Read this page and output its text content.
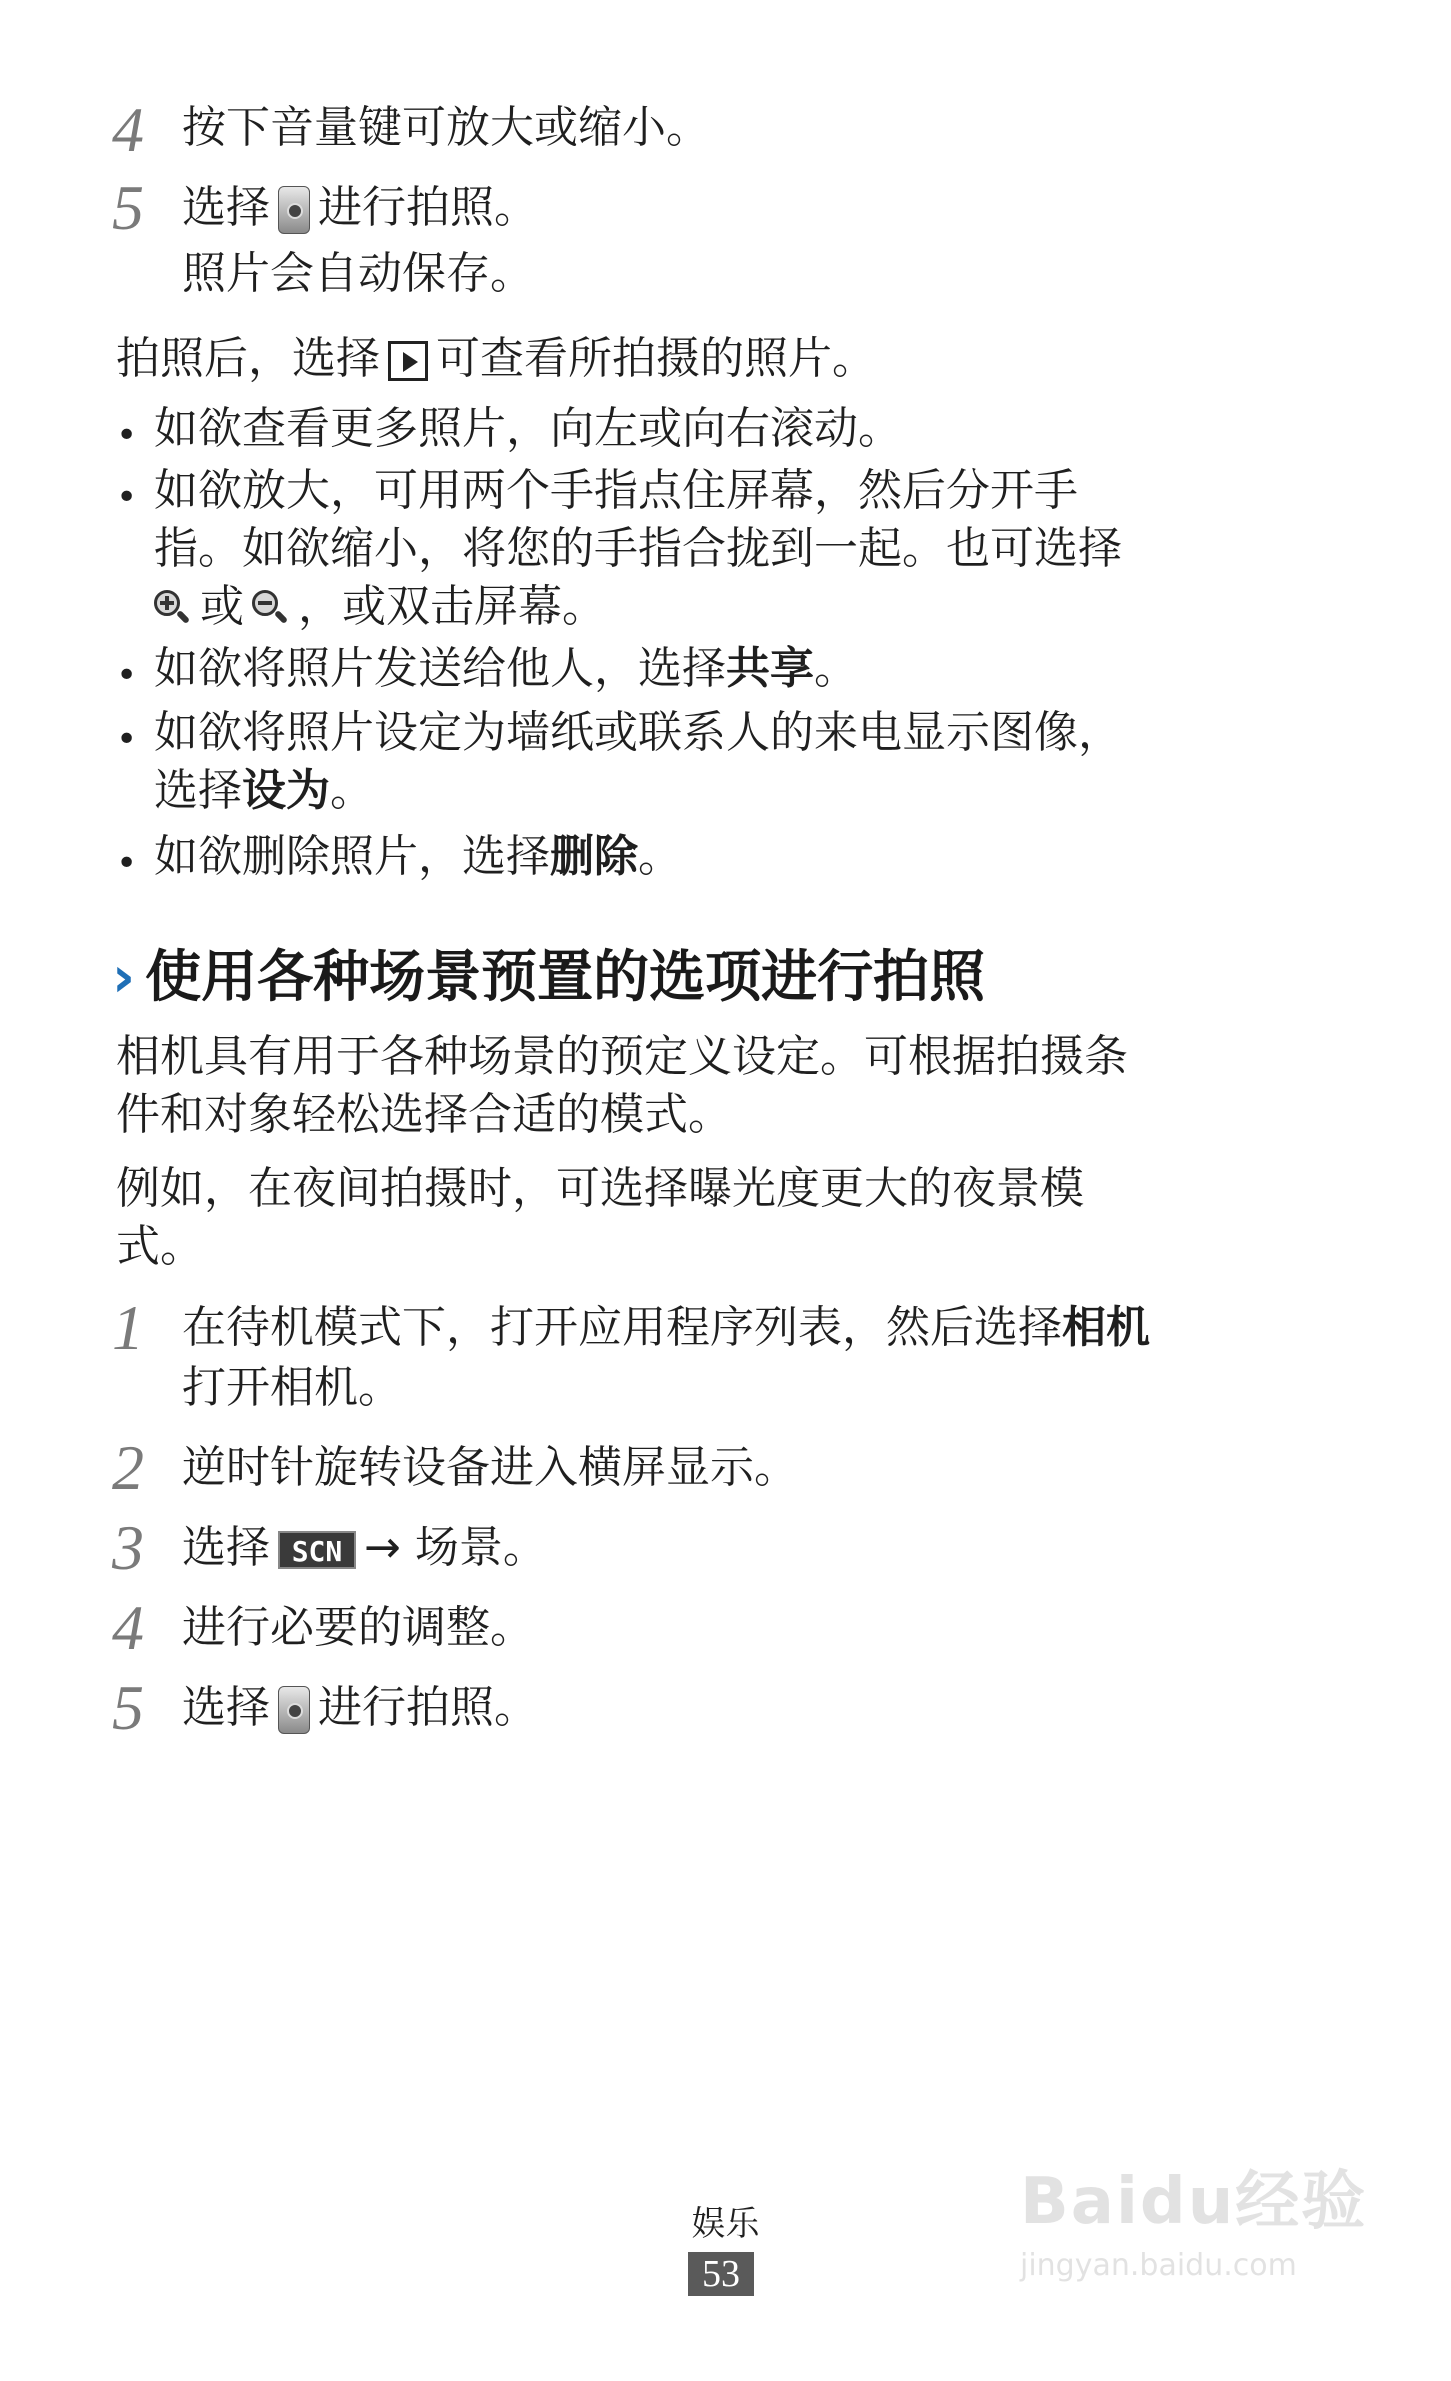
4 按下音量键可放大或缩小。
5 选择 进行拍照。
照片会自动保存。
拍照后，选择 可查看所拍摄的照片。
• 如欲查看更多照片，向左或向右滚动。
• 如欲放大，可用两个手指点住屏幕，然后分开手
指。如欲缩小，将您的手指合拢到一起。也可选择
或 ，或双击屏幕。
• 如欲将照片发送给他人，选择共享。
• 如欲将照片设定为墙纸或联系人的来电显示图像，
选择设为。
• 如欲删除照片，选择删除。
› 使用各种场景预置的选项进行拍照
相机具有用于各种场景的预定义设定。可根据拍摄条
件和对象轻松选择合适的模式。
例如，在夜间拍摄时，可选择曝光度更大的夜景模
式。
1 在待机模式下，打开应用程序列表，然后选择相机
打开相机。
2 逆时针旋转设备进入横屏显示。
3 选择 SCN → 场景。
4 进行必要的调整。
5 选择 进行拍照。
娱乐
53
Baidu经验
jingyan.baidu.com
